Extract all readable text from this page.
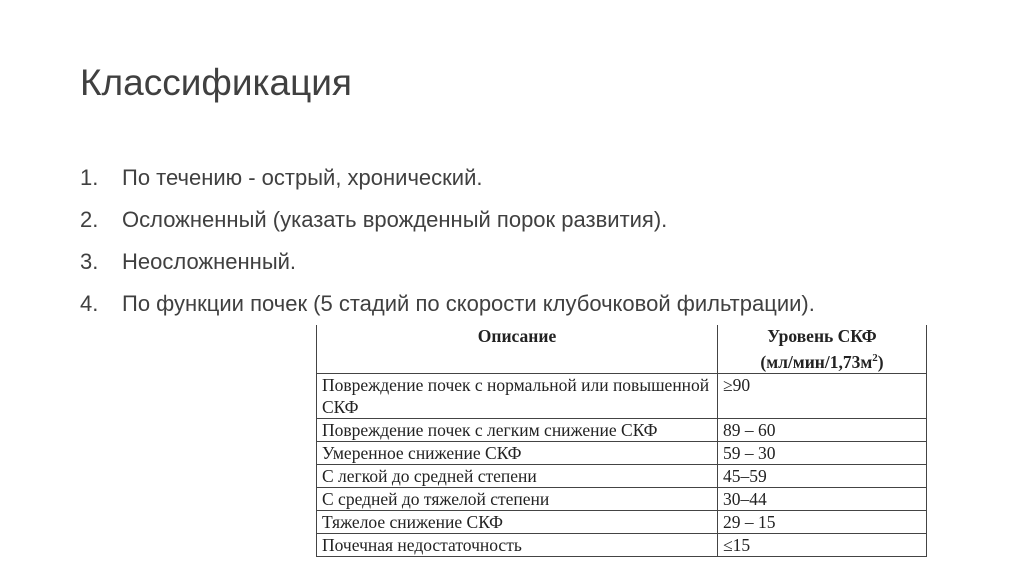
Классификация
1.	По течению - острый, хронический.
2.	Осложненный (указать врожденный порок развития).
3.	Неосложненный.
4.	По функции почек (5 стадий по скорости клубочковой фильтрации).
Описание	Уровень СКФ
$(мл/мин/1,73м^2)$
Повреждение почек с нормальной или повышенной СКФ	≥90
Повреждение почек с легким снижение СКФ	89 – 60
Умеренное снижение СКФ	59 – 30
С легкой до средней степени	45–59
С средней до тяжелой степени	30–44
Тяжелое снижение СКФ	29 – 15
Почечная недостаточность	≤15
